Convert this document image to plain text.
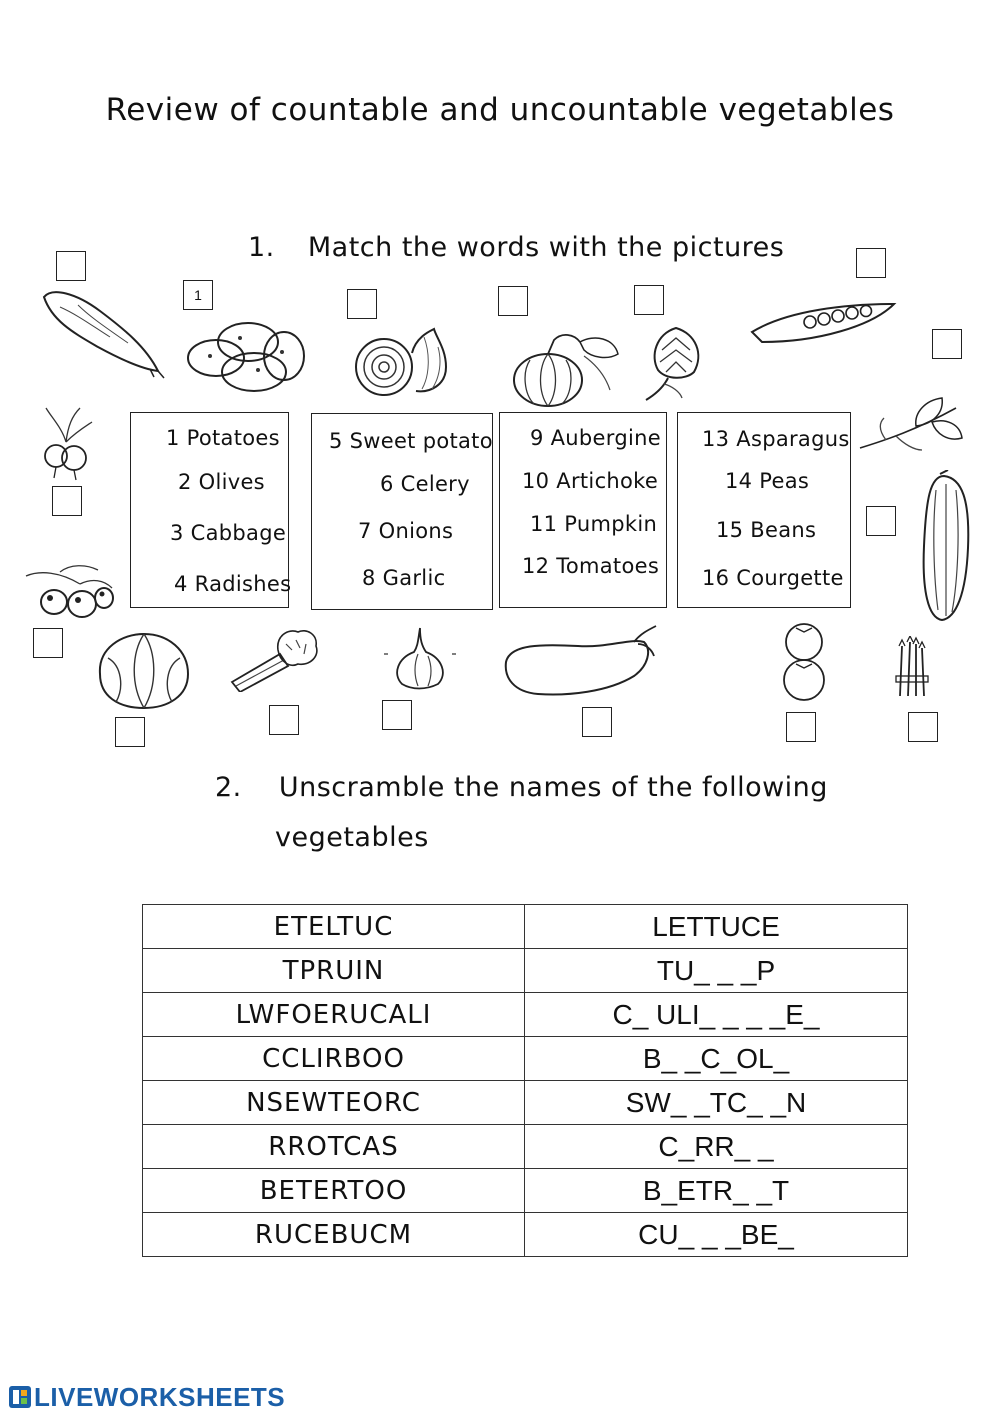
Review of countable and uncountable vegetables
1. Match the words with the pictures
1
1 Potatoes
2 Olives
3 Cabbage
4 Radishes
5 Sweet potato
6 Celery
7 Onions
8 Garlic
9 Aubergine
10 Artichoke
11 Pumpkin
12 Tomatoes
13 Asparagus
14 Peas
15 Beans
16 Courgette
2. Unscramble the names of the following
vegetables
ETELTUC	LETTUCE
TPRUIN	TU_ _ _P
LWFOERUCALI	C_ ULI_ _ _ _E_
CCLIRBOO	B_ _C_OL_
NSEWTEORC	SW_ _TC_ _N
RROTCAS	C_RR_ _
BETERTOO	B_ETR_ _T
RUCEBUCM	CU_ _ _BE_
LIVEWORKSHEETS
